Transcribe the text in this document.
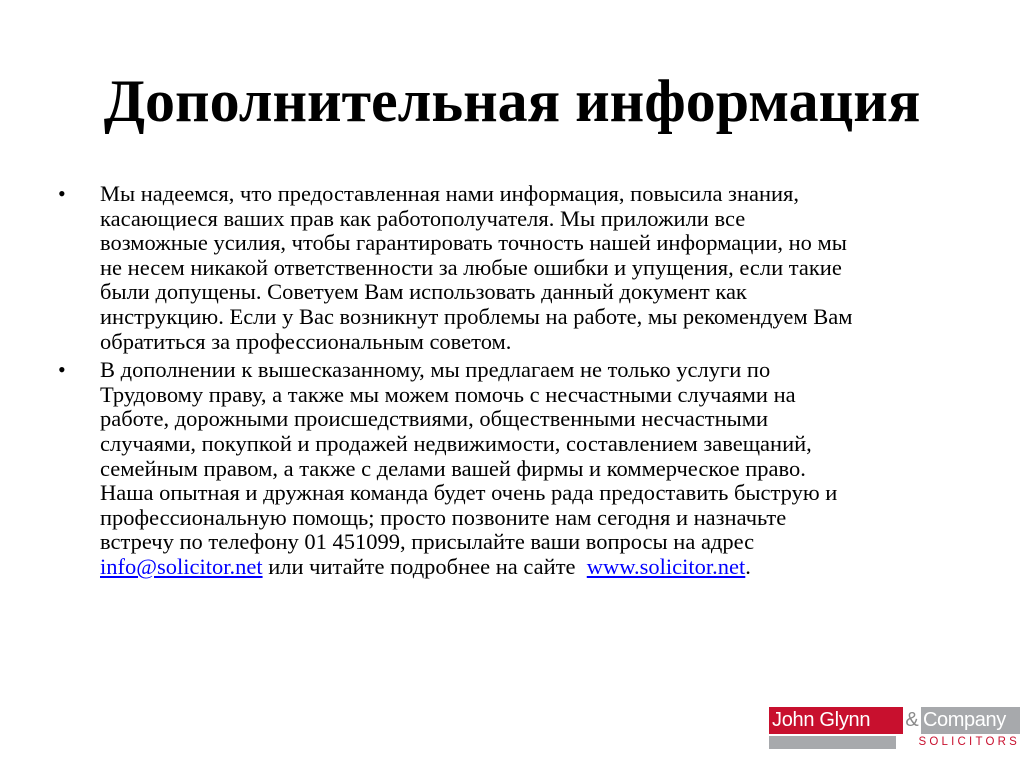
Дополнительная информация
•	Мы надеемся, что предоставленная нами информация, повысила знания,
касающиеся ваших прав как работополучателя. Мы приложили все
возможные усилия, чтобы гарантировать точность нашей информации, но мы
не несем никакой ответственности за любые ошибки и упущения, если такие
были допущены. Советуем Вам использовать данный документ как
инструкцию. Если у Вас возникнут проблемы на работе, мы рекомендуем Вам
обратиться за профессиональным советом.
•	В дополнении к вышесказанному, мы предлагаем не только услуги по
Трудовому праву, а также мы можем помочь с несчастными случаями на
работе, дорожными происшедствиями, общественными несчастными
случаями, покупкой и продажей недвижимости, составлением завещаний,
семейным правом, а также с делами вашей фирмы и коммерческое право.
Наша опытная и дружная команда будет очень рада предоставить быструю и
профессиональную помощь; просто позвоните нам сегодня и назначьте
встречу по телефону 01 451099, присылайте ваши вопросы на адрес
info@solicitor.net или читайте подробнее на сайте  www.solicitor.net.
John Glynn	& Company
SOLICITORS
